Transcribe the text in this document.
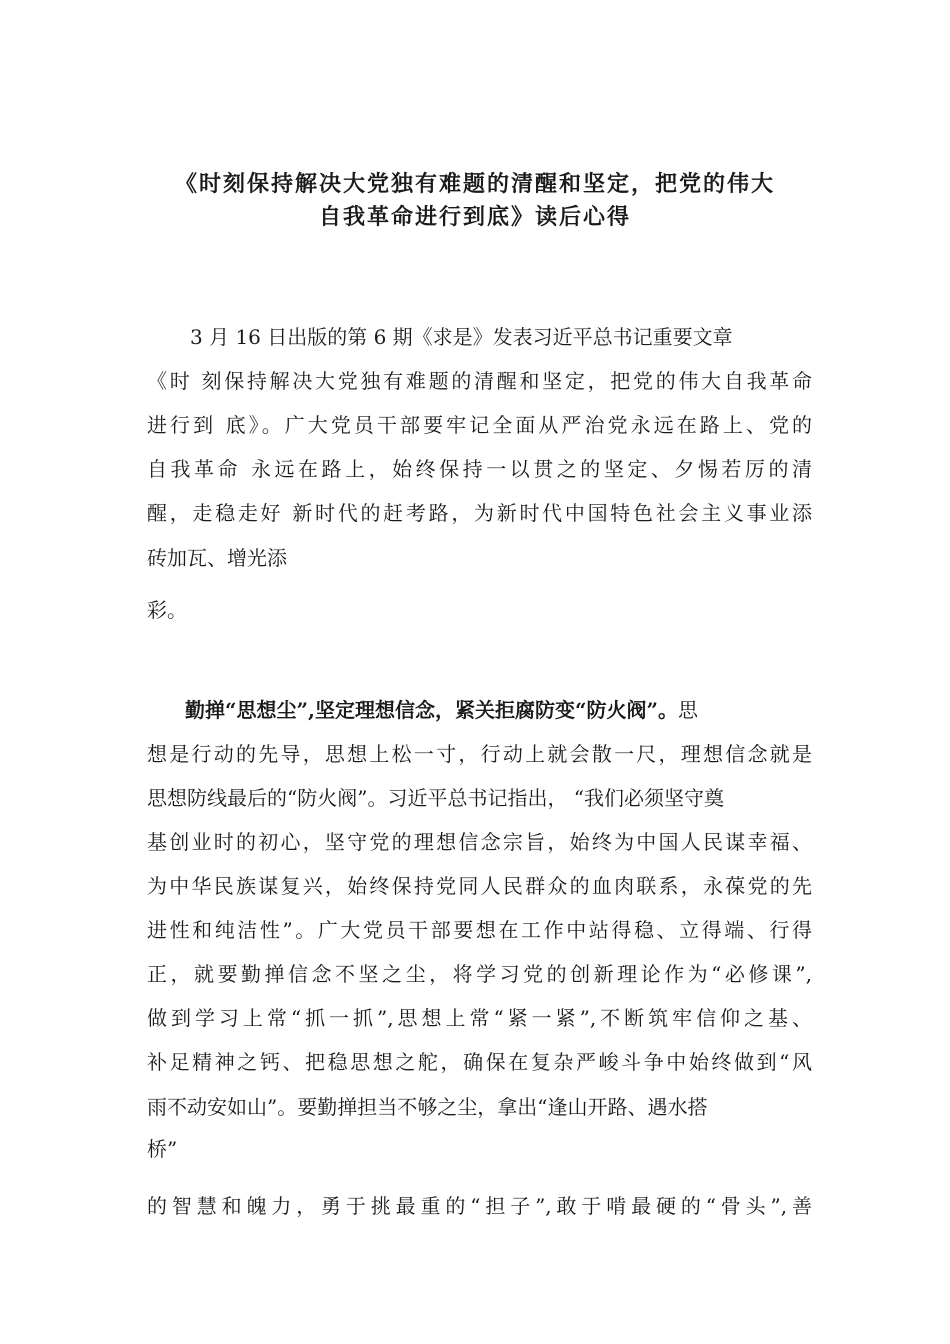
《时刻保持解决大党独有难题的清醒和坚定，把党的伟大
自我革命进行到底》读后心得
3 月 16 日出版的第 6 期《求是》发表习近平总书记重要文章
《时 刻保持解决大党独有难题的清醒和坚定，把党的伟大自我革命
进行到 底》。广大党员干部要牢记全面从严治党永远在路上、党的
自我革命 永远在路上，始终保持一以贯之的坚定、夕惕若厉的清
醒，走稳走好 新时代的赶考路，为新时代中国特色社会主义事业添
砖加瓦、增光添
彩。
勤掸“思想尘”,坚定理想信念，紧关拒腐防变“防火阀”。思
想是行动的先导，思想上松一寸，行动上就会散一尺，理想信念就是
思想防线最后的“防火阀”。习近平总书记指出， “我们必须坚守奠
基创业时的初心，坚守党的理想信念宗旨，始终为中国人民谋幸福、
为中华民族谋复兴，始终保持党同人民群众的血肉联系，永葆党的先
进性和纯洁性”。广大党员干部要想在工作中站得稳、立得端、行得
正，就要勤掸信念不坚之尘，将学习党的创新理论作为“必修课”,
做到学习上常“抓一抓”,思想上常“紧一紧”,不断筑牢信仰之基、
补足精神之钙、把稳思想之舵，确保在复杂严峻斗争中始终做到“风
雨不动安如山”。要勤掸担当不够之尘，拿出“逢山开路、遇水搭
桥”
的智慧和魄力，勇于挑最重的“担子”,敢于啃最硬的“骨头”,善
